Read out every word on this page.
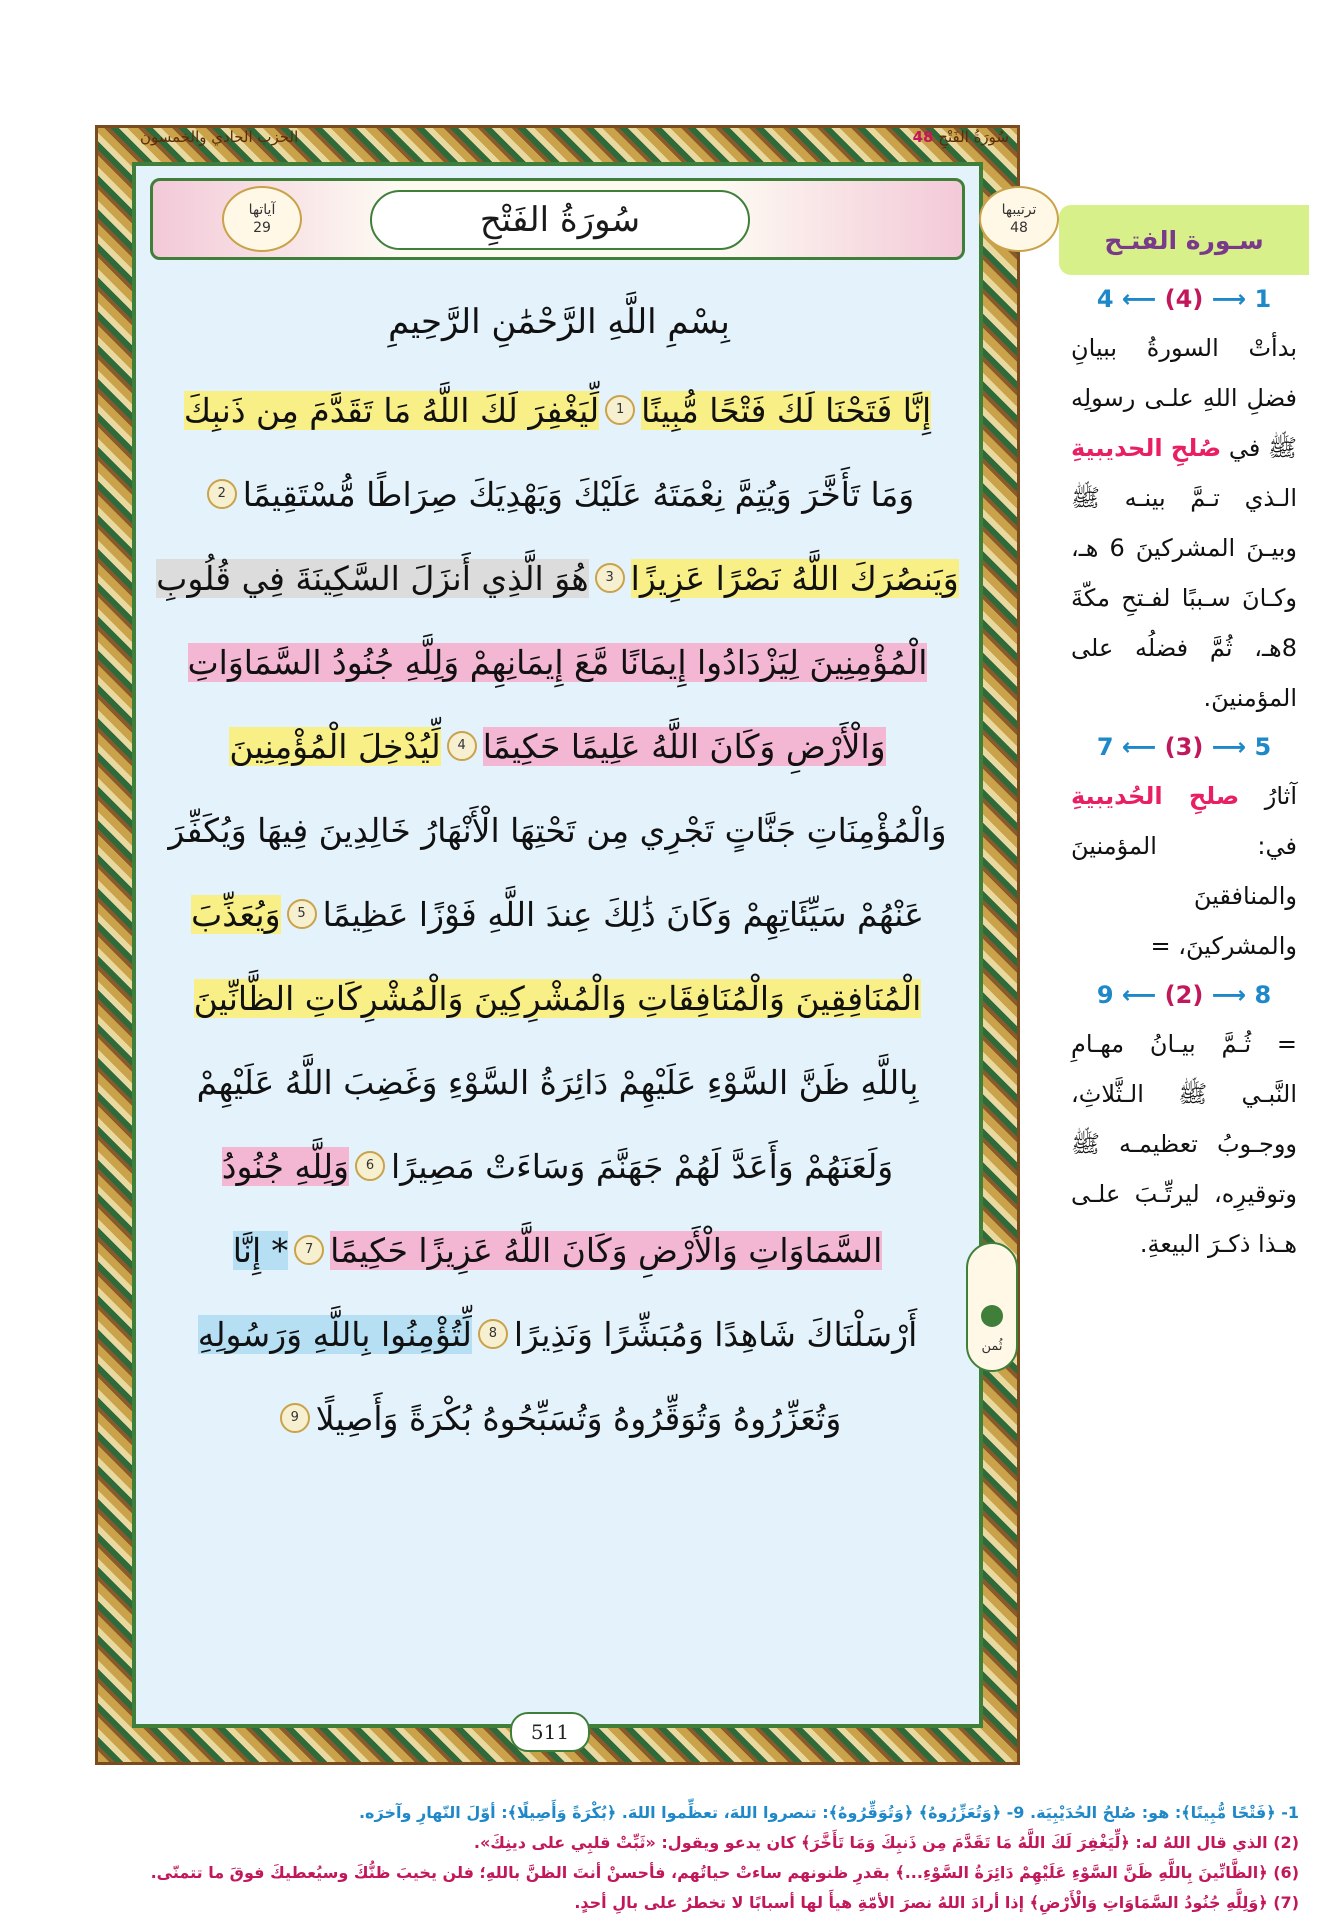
سُورَةُ الفَتْحِ 48
الحزب الحادي والخمسون
ترتيبها
48
سُورَةُ الفَتْحِ
آياتها
29
بِسْمِ اللَّهِ الرَّحْمَٰنِ الرَّحِيمِ
إِنَّا فَتَحْنَا لَكَ فَتْحًا مُّبِينًا
1
لِّيَغْفِرَ لَكَ اللَّهُ مَا تَقَدَّمَ مِن ذَنبِكَ
وَمَا تَأَخَّرَ وَيُتِمَّ نِعْمَتَهُ عَلَيْكَ وَيَهْدِيَكَ صِرَاطًا مُّسْتَقِيمًا
2
وَيَنصُرَكَ اللَّهُ نَصْرًا عَزِيزًا
3
هُوَ الَّذِي أَنزَلَ السَّكِينَةَ فِي قُلُوبِ
الْمُؤْمِنِينَ لِيَزْدَادُوا إِيمَانًا مَّعَ إِيمَانِهِمْ وَلِلَّهِ جُنُودُ السَّمَاوَاتِ
وَالْأَرْضِ وَكَانَ اللَّهُ عَلِيمًا حَكِيمًا
4
لِّيُدْخِلَ الْمُؤْمِنِينَ
وَالْمُؤْمِنَاتِ جَنَّاتٍ تَجْرِي مِن تَحْتِهَا الْأَنْهَارُ خَالِدِينَ فِيهَا وَيُكَفِّرَ
عَنْهُمْ سَيِّئَاتِهِمْ وَكَانَ ذَٰلِكَ عِندَ اللَّهِ فَوْزًا عَظِيمًا
5
وَيُعَذِّبَ
الْمُنَافِقِينَ وَالْمُنَافِقَاتِ وَالْمُشْرِكِينَ وَالْمُشْرِكَاتِ الظَّانِّينَ
بِاللَّهِ ظَنَّ السَّوْءِ عَلَيْهِمْ دَائِرَةُ السَّوْءِ وَغَضِبَ اللَّهُ عَلَيْهِمْ
وَلَعَنَهُمْ وَأَعَدَّ لَهُمْ جَهَنَّمَ وَسَاءَتْ مَصِيرًا
6
وَلِلَّهِ جُنُودُ
السَّمَاوَاتِ وَالْأَرْضِ وَكَانَ اللَّهُ عَزِيزًا حَكِيمًا
7
* إِنَّا
أَرْسَلْنَاكَ شَاهِدًا وَمُبَشِّرًا وَنَذِيرًا
8
لِّتُؤْمِنُوا بِاللَّهِ وَرَسُولِهِ
وَتُعَزِّرُوهُ وَتُوَقِّرُوهُ وَتُسَبِّحُوهُ بُكْرَةً وَأَصِيلًا
9
ثُمن
511
سـورة الفتـح
4 ⟵ (4) ⟶ 1
بدأتْ السورةُ ببيانِ فضلِ اللهِ علـى رسولِه ﷺ في صُلحِ الحديبيةِ الـذي تـمَّ بينـه ﷺ وبيـنَ المشركينَ 6 هـ، وكـانَ سـببًا لفـتحِ مكّةَ 8هـ، ثُمَّ فضلُه على المؤمنينَ.
7 ⟵ (3) ⟶ 5
آثارُ صلحِ الحُديبيةِ في: المؤمنينَ والمنافقينَ والمشركينَ، =
9 ⟵ (2) ⟶ 8
= ثُـمَّ بيـانُ مهـامِ النَّبـي ﷺ الـثَّلاثِ، ووجـوبُ تعظيمـه ﷺ وتوقيرِه، ليرتِّـبَ علـى هـذا ذكـرَ البيعةِ.
1- ﴿فَتْحًا مُّبِينًا﴾: هو: صُلحُ الحُدَيْبِيَة. 9- ﴿وَتُعَزِّرُوهُ﴾ ﴿وَتُوَقِّرُوهُ﴾: تنصروا اللهَ، تعظِّموا اللهَ. ﴿بُكْرَةً وَأَصِيلًا﴾: أوّلَ النّهارِ وآخرَه.
(2) الذي قال اللهُ له: ﴿لِّيَغْفِرَ لَكَ اللَّهُ مَا تَقَدَّمَ مِن ذَنبِكَ وَمَا تَأَخَّرَ﴾ كان يدعو ويقول: «ثَبِّتْ قلبِي على دينِكَ».
(6) ﴿الظَّانِّينَ بِاللَّهِ ظَنَّ السَّوْءِ عَلَيْهِمْ دَائِرَةُ السَّوْءِ...﴾ بقدرِ ظنونهم ساءتْ حياتُهم، فأحسنْ أنتَ الظنَّ باللهِ؛ فلن يخيبَ ظنُّكَ وسيُعطيكَ فوقَ ما تتمنّى.
(7) ﴿وَلِلَّهِ جُنُودُ السَّمَاوَاتِ وَالْأَرْضِ﴾ إذا أرادَ اللهُ نصرَ الأمّةِ هيأَ لها أسبابًا لا تخطرُ على بالِ أحدٍ.
